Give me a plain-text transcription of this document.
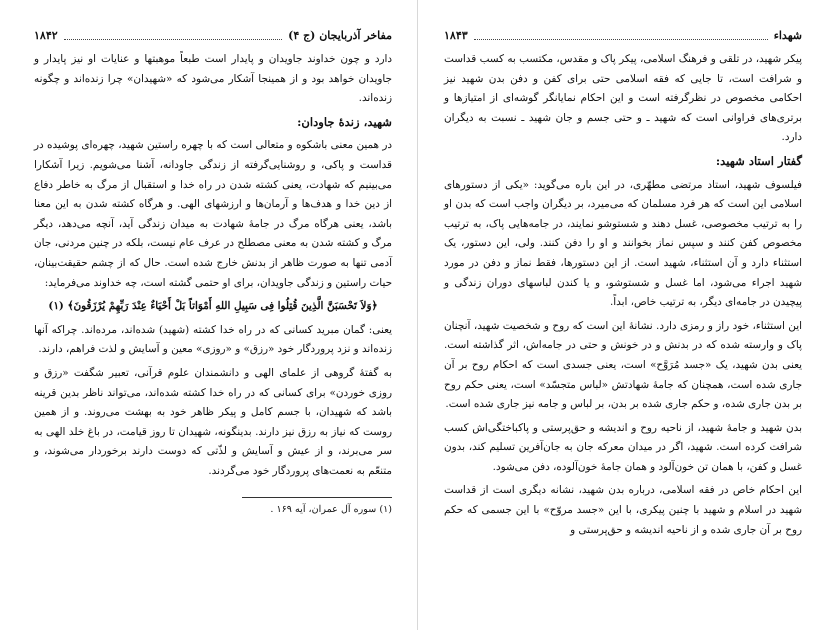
۱۸۴۲	مفاخر آذربایجان (ج ۴)

دارد و چون خداوند جاویدان و پایدار است طبعاً موهبتها و عنایات او نیز پایدار و جاویدان خواهد بود و از همینجا آشکار می‌شود که «شهیدان» چرا زنده‌اند و چگونه زنده‌اند.

شهید، زندهٔ جاودان:

در همین معنی باشکوه و متعالی است که با چهره راستین شهید، چهره‌ای پوشیده در قداست و پاکی، و روشنایی‌گرفته از زندگی جاودانه، آشنا می‌شویم. زیرا آشکارا می‌بینیم که شهادت، یعنی کشته شدن در راه خدا و استقبال از مرگ به خاطر دفاع از دین خدا و هدف‌ها و آرمان‌ها و ارزشهای الهی. و هرگاه کشته شدن به این معنا باشد، یعنی هرگاه مرگ در جامهٔ شهادت به میدان زندگی آید، آنچه می‌دهد، دیگر مرگ و کشته شدن به معنی مصطلح در عرف عام نیست، بلکه در چنین مردنی، جان آدمی تنها به صورت ظاهر از بدنش خارج شده است. حال که از چشم حقیقت‌بینان، حیات راستین و زندگی جاویدان، برای او حتمی گشته است، چه خداوند می‌فرماید:

﴿وَلاَ تَحْسَبَنَّ الَّذِینَ قُتِلُوا فِی سَبِیلِ اللهِ أَمْوَاتاً بَلْ أَحْیَاءٌ عِنْدَ رَبِّهِمْ یُرْزَقُونَ﴾ (۱)

یعنی: گمان مبرید کسانی که در راه خدا کشته (شهید) شده‌اند، مرده‌اند. چراکه آنها زنده‌اند و نزد پروردگار خود «رزق» و «روزی» معین و آسایش و لذت فراهم، دارند.

به گفتهٔ گروهی از علمای الهی و دانشمندان علوم قرآنی، تعبیر شگفت «رزق و روزی خوردن» برای کسانی که در راه خدا کشته شده‌اند، می‌تواند ناظر بدین قرینه باشد که شهیدان، با جسم کامل و پیکر ظاهر خود به بهشت می‌روند. و از همین روست که نیاز به رزق نیز دارند. بدینگونه، شهیدان تا روز قیامت، در باغ خلد الهی به سر می‌برند، و از عیش و آسایش و لذّتی که دوست دارند برخوردار می‌شوند، و متنعّم به نعمت‌های پروردگار خود می‌گردند.

(۱) سوره آل عمران، آیه ۱۶۹ .
۱۸۴۳	شهداء

پیکر شهید، در تلقی و فرهنگ اسلامی، پیکر پاک و مقدس، مکتسب به کسب قداست و شرافت است، تا جایی که فقه اسلامی حتی برای کفن و دفن بدن شهید نیز احکامی مخصوص در نظرگرفته است و این احکام نمایانگر گوشه‌ای از امتیازها و برتری‌های فراوانی است که شهید ـ و حتی جسم و جان شهید ـ نسبت به دیگران دارد.

گفتار استاد شهید:

فیلسوف شهید، استاد مرتضی مطهّری، در این باره می‌گوید: «یکی از دستورهای اسلامی این است که هر فرد مسلمان که می‌میرد، بر دیگران واجب است که بدن او را به ترتیب مخصوصی، غسل دهند و شستوشو نمایند، در جامه‌هایی پاک، به ترتیب مخصوص کفن کنند و سپس نماز بخوانند و او را دفن کنند. ولی، این دستور، یک استثناء دارد و آن استثناء، شهید است. از این دستورها، فقط نماز و دفن در مورد شهید اجراء می‌شود، اما غسل و شستوشو، و یا کندن لباسهای دوران زندگی و پیچیدن در جامه‌ای دیگر، به ترتیب خاص، ابداً.

این استثناء، خود راز و رمزی دارد. نشانهٔ این است که روح و شخصیت شهید، آنچنان پاک و وارسته شده که در بدنش و در خونش و حتی در جامه‌اش، اثر گذاشته است. یعنی بدن شهید، یک «جسد مُرَوَّح» است، یعنی جسدی است که احکام روح بر آن جاری شده است، همچنان که جامهٔ شهادتش «لباس متجسّد» است، یعنی حکم روح بر بدن جاری شده، و حکم جاری شده بر بدن، بر لباس و جامه نیز جاری شده است.

بدن شهید و جامهٔ شهید، از ناحیه روح و اندیشه و حق‌پرستی و پاکباختگی‌اش کسب شرافت کرده است. شهید، اگر در میدان معرکه جان به جان‌آفرین تسلیم کند، بدون غسل و کفن، با همان تن خون‌آلود و همان جامهٔ خون‌آلوده، دفن می‌شود.

این احکام خاص در فقه اسلامی، درباره بدن شهید، نشانه دیگری است از قداست شهید در اسلام و شهید با چنین پیکری، با این «جسد مروّح» با این جسمی که حکم روح بر آن جاری شده و از ناحیه اندیشه و حق‌پرستی و
